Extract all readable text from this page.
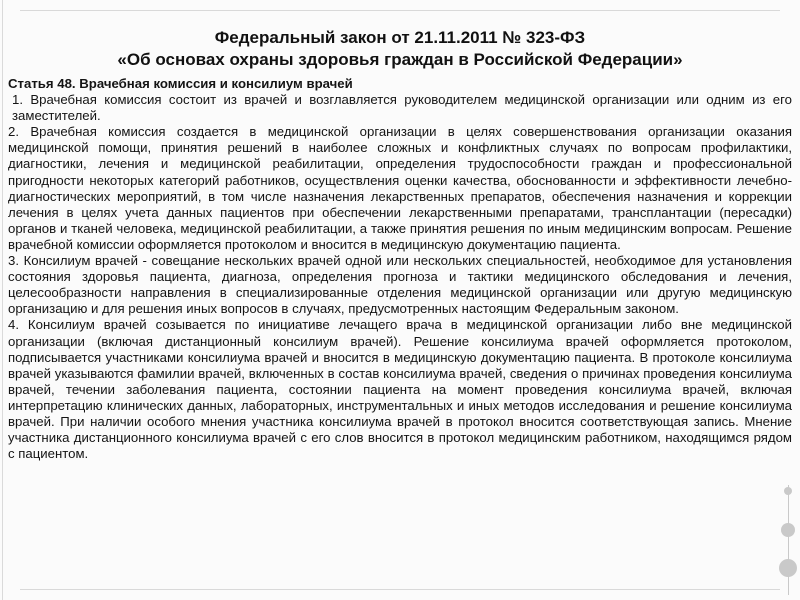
Федеральный закон от 21.11.2011 № 323-ФЗ
«Об основах охраны здоровья граждан в Российской Федерации»
Статья 48. Врачебная комиссия и консилиум врачей

1. Врачебная комиссия состоит из врачей и возглавляется руководителем медицинской организации или одним из его заместителей.

2. Врачебная комиссия создается в медицинской организации в целях совершенствования организации оказания медицинской помощи, принятия решений в наиболее сложных и конфликтных случаях по вопросам профилактики, диагностики, лечения и медицинской реабилитации, определения трудоспособности граждан и профессиональной пригодности некоторых категорий работников, осуществления оценки качества, обоснованности и эффективности лечебно-диагностических мероприятий, в том числе назначения лекарственных препаратов, обеспечения назначения и коррекции лечения в целях учета данных пациентов при обеспечении лекарственными препаратами, трансплантации (пересадки) органов и тканей человека, медицинской реабилитации, а также принятия решения по иным медицинским вопросам. Решение врачебной комиссии оформляется протоколом и вносится в медицинскую документацию пациента.

3. Консилиум врачей - совещание нескольких врачей одной или нескольких специальностей, необходимое для установления состояния здоровья пациента, диагноза, определения прогноза и тактики медицинского обследования и лечения, целесообразности направления в специализированные отделения медицинской организации или другую медицинскую организацию и для решения иных вопросов в случаях, предусмотренных настоящим Федеральным законом.

4. Консилиум врачей созывается по инициативе лечащего врача в медицинской организации либо вне медицинской организации (включая дистанционный консилиум врачей). Решение консилиума врачей оформляется протоколом, подписывается участниками консилиума врачей и вносится в медицинскую документацию пациента. В протоколе консилиума врачей указываются фамилии врачей, включенных в состав консилиума врачей, сведения о причинах проведения консилиума врачей, течении заболевания пациента, состоянии пациента на момент проведения консилиума врачей, включая интерпретацию клинических данных, лабораторных, инструментальных и иных методов исследования и решение консилиума врачей. При наличии особого мнения участника консилиума врачей в протокол вносится соответствующая запись. Мнение участника дистанционного консилиума врачей с его слов вносится в протокол медицинским работником, находящимся рядом с пациентом.
